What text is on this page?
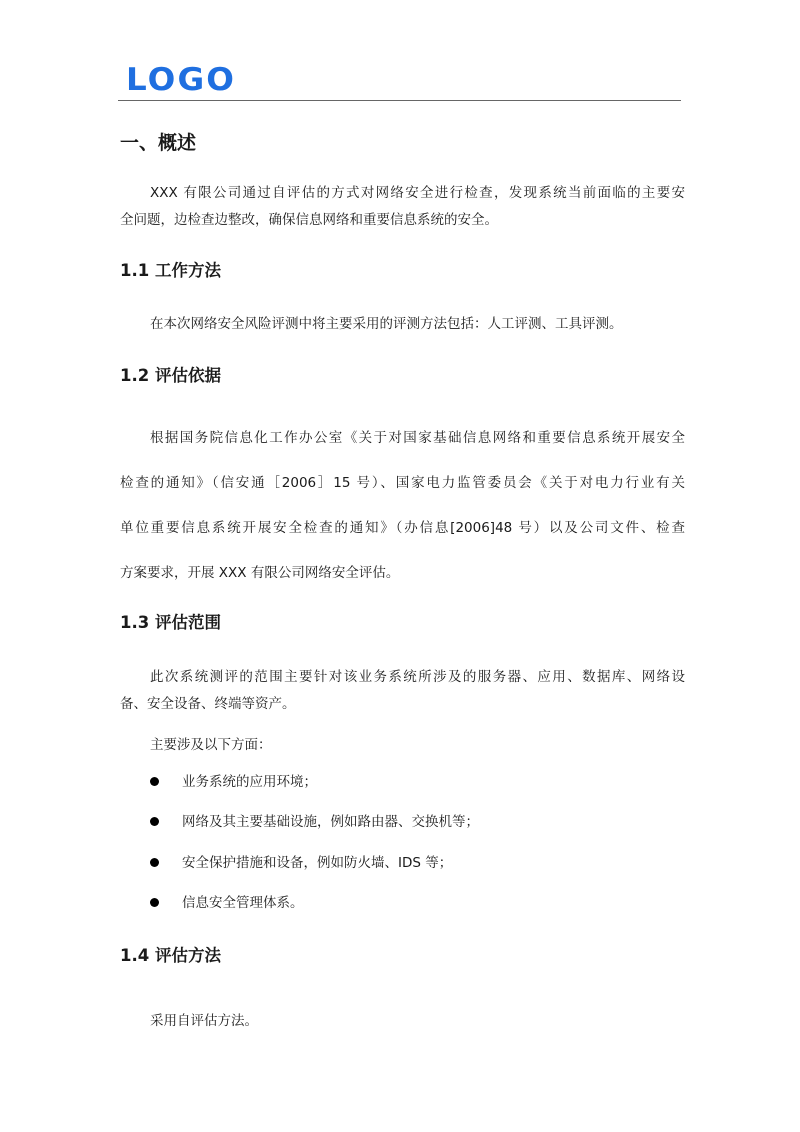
LOGO
一、概述
XXX 有限公司通过自评估的方式对网络安全进行检查，发现系统当前面临的主要安
全问题，边检查边整改，确保信息网络和重要信息系统的安全。
1.1 工作方法
在本次网络安全风险评测中将主要采用的评测方法包括：人工评测、工具评测。
1.2 评估依据
根据国务院信息化工作办公室《关于对国家基础信息网络和重要信息系统开展安全
检查的通知》（信安通［2006］15 号）、国家电力监管委员会《关于对电力行业有关
单位重要信息系统开展安全检查的通知》（办信息[2006]48 号）以及公司文件、检查
方案要求，开展 XXX 有限公司网络安全评估。
1.3 评估范围
此次系统测评的范围主要针对该业务系统所涉及的服务器、应用、数据库、网络设
备、安全设备、终端等资产。
主要涉及以下方面：
业务系统的应用环境；
网络及其主要基础设施，例如路由器、交换机等；
安全保护措施和设备，例如防火墙、IDS 等；
信息安全管理体系。
1.4 评估方法
采用自评估方法。
